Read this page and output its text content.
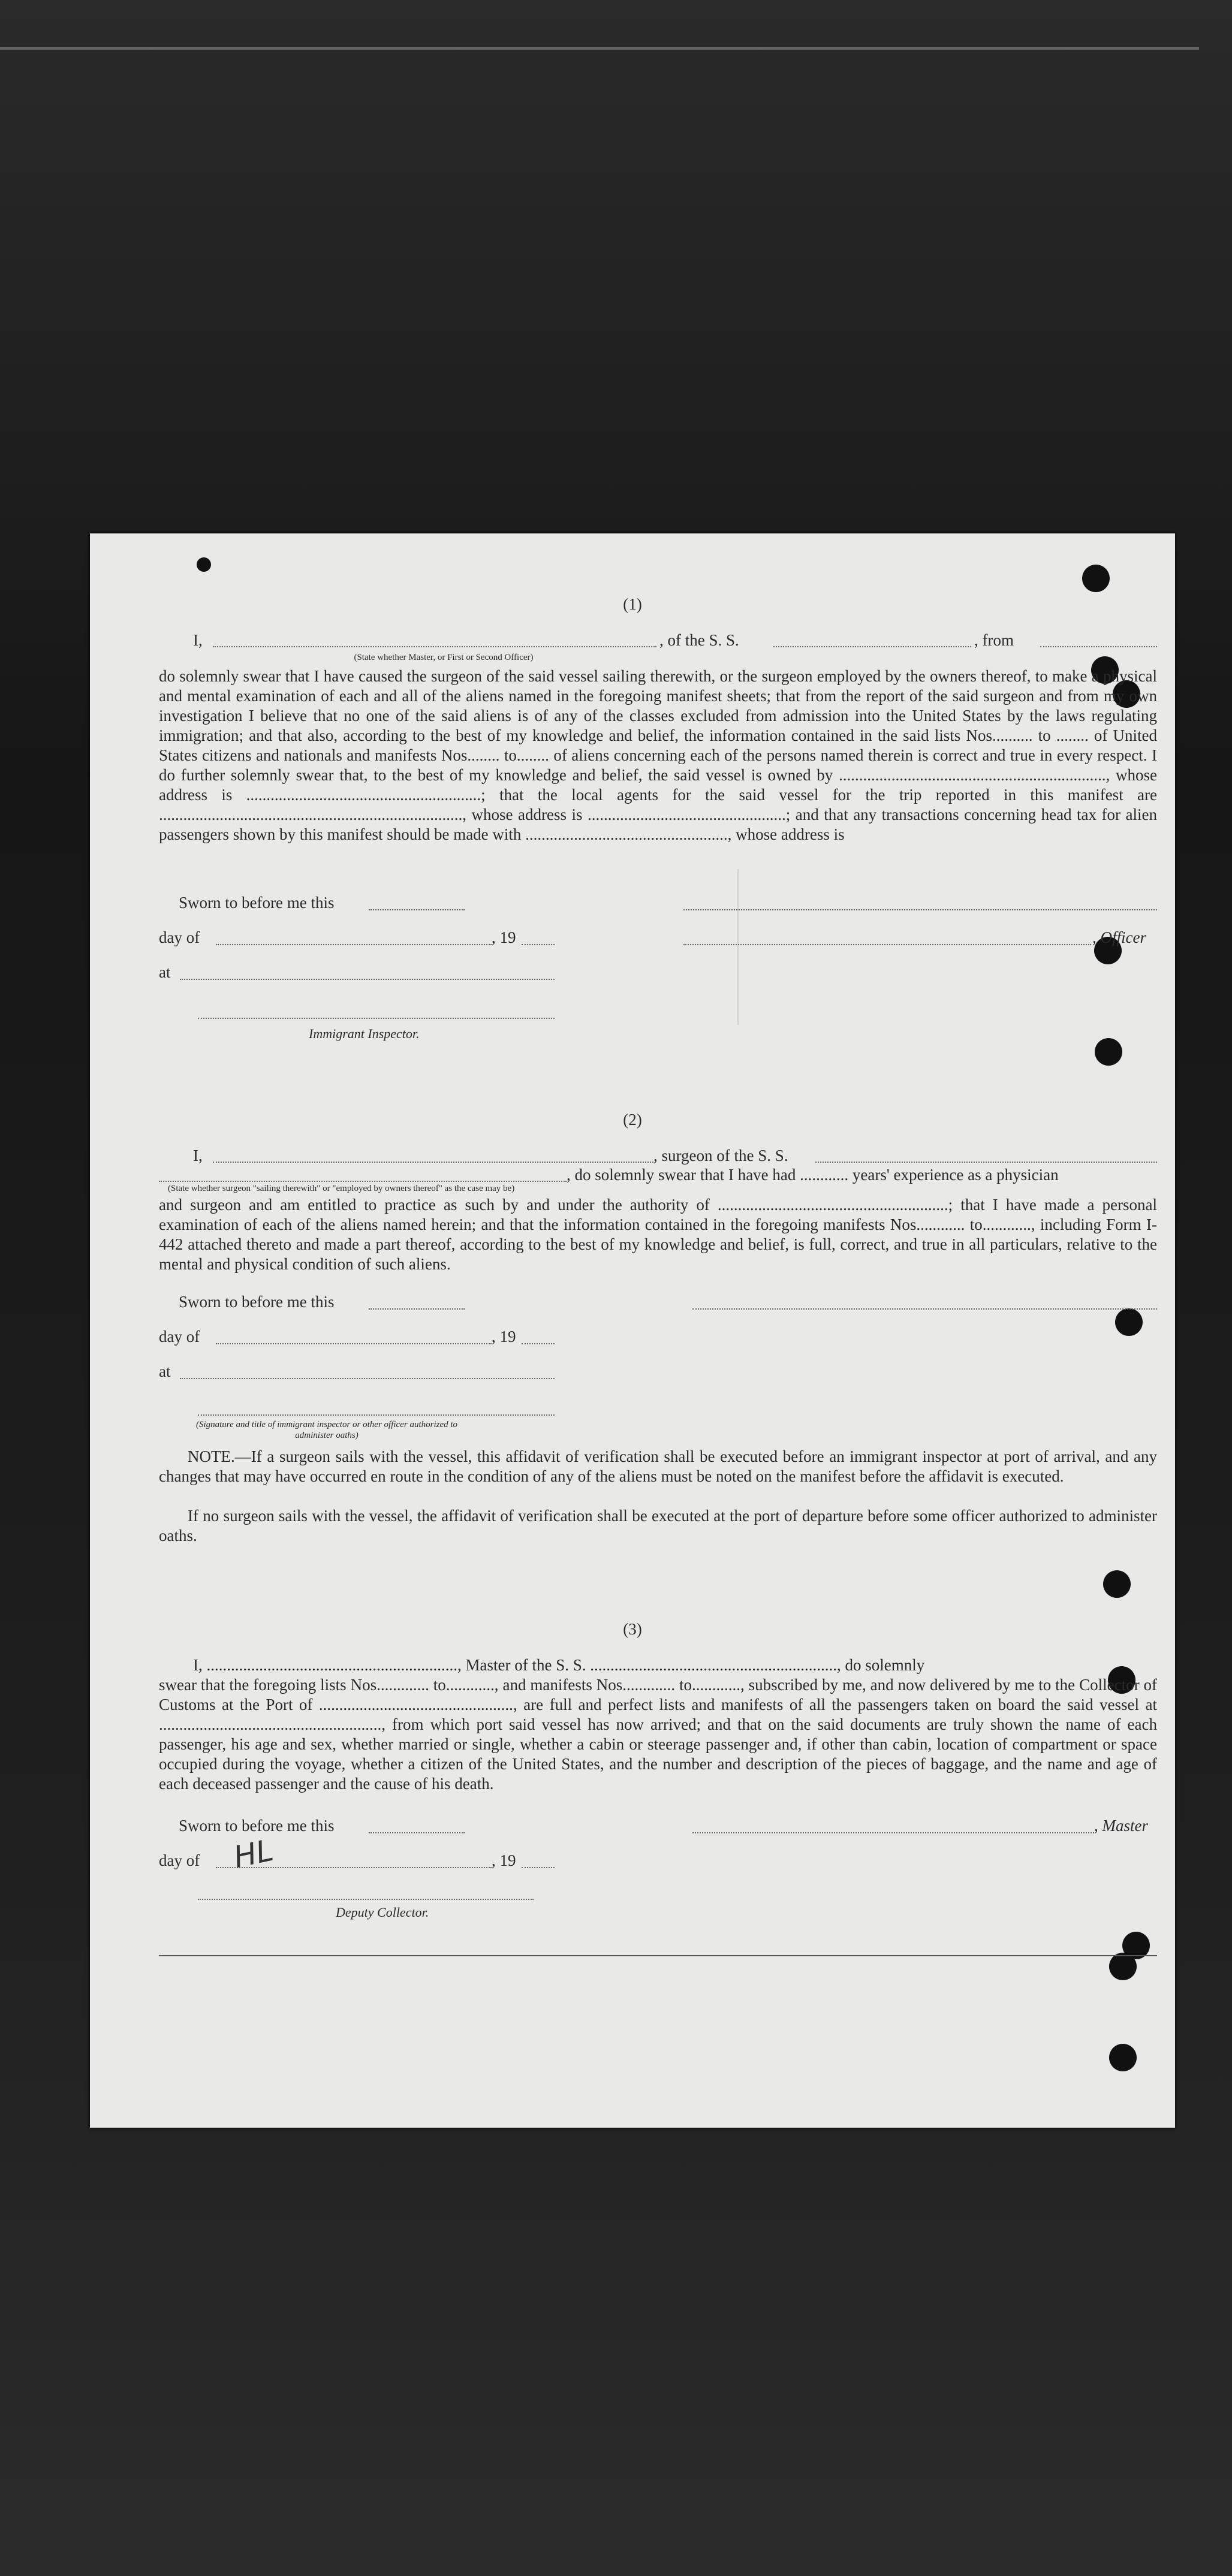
(1)
I,	, of the S. S.	, from
(State whether Master, or First or Second Officer)
do solemnly swear that I have caused the surgeon of the said vessel sailing therewith, or the surgeon employed by the owners thereof, to make a physical and mental examination of each and all of the aliens named in the foregoing manifest sheets; that from the report of the said surgeon and from my own investigation I believe that no one of the said aliens is of any of the classes excluded from admission into the United States by the laws regulating immigration; and that also, according to the best of my knowledge and belief, the information contained in the said lists Nos.......... to ........ of United States citizens and nationals and manifests Nos........ to........ of aliens concerning each of the persons named therein is correct and true in every respect. I do further solemnly swear that, to the best of my knowledge and belief, the said vessel is owned by .................................................................., whose address is ..........................................................; that the local agents for the said vessel for the trip reported in this manifest are ..........................................................................., whose address is .................................................; and that any transactions concerning head tax for alien passengers shown by this manifest should be made with .................................................., whose address is
Sworn to before me this
day of	, 19	, Officer
at
Immigrant Inspector.
(2)
I,	, surgeon of the S. S.
, do solemnly swear that I have had ............ years' experience as a physician
(State whether surgeon "sailing therewith" or "employed by owners thereof" as the case may be)
and surgeon and am entitled to practice as such by and under the authority of .........................................................; that I have made a personal examination of each of the aliens named herein; and that the information contained in the foregoing manifests Nos............ to............, including Form I-442 attached thereto and made a part thereof, according to the best of my knowledge and belief, is full, correct, and true in all particulars, relative to the mental and physical condition of such aliens.
Sworn to before me this
day of	, 19
at
(Signature and title of immigrant inspector or other officer authorized to administer oaths)
NOTE.—If a surgeon sails with the vessel, this affidavit of verification shall be executed before an immigrant inspector at port of arrival, and any changes that may have occurred en route in the condition of any of the aliens must be noted on the manifest before the affidavit is executed.
If no surgeon sails with the vessel, the affidavit of verification shall be executed at the port of departure before some officer authorized to administer oaths.
(3)
I, .............................................................., Master of the S. S. ............................................................., do solemnly
swear that the foregoing lists Nos............. to............, and manifests Nos............. to............, subscribed by me, and now delivered by me to the Collector of Customs at the Port of ................................................, are full and perfect lists and manifests of all the passengers taken on board the said vessel at ......................................................., from which port said vessel has now arrived; and that on the said documents are truly shown the name of each passenger, his age and sex, whether married or single, whether a cabin or steerage passenger and, if other than cabin, location of compartment or space occupied during the voyage, whether a citizen of the United States, and the number and description of the pieces of baggage, and the name and age of each deceased passenger and the cause of his death.
Sworn to before me this	, Master
day of	, 19
HL
Deputy Collector.
